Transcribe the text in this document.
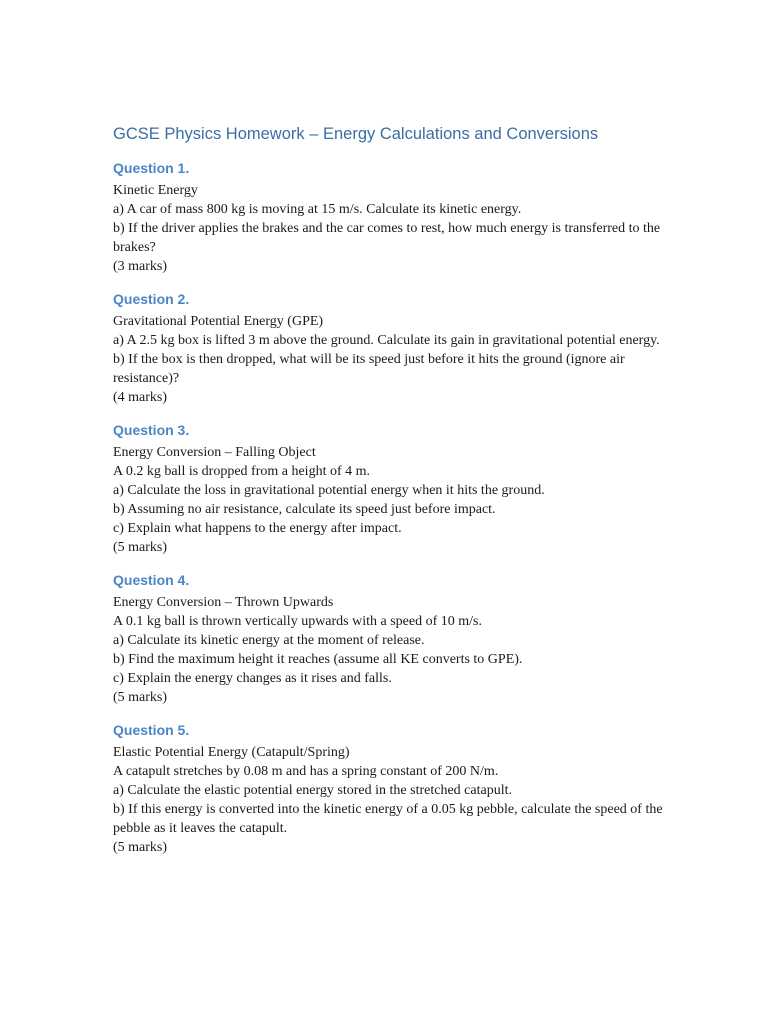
GCSE Physics Homework – Energy Calculations and Conversions
Question 1.

Kinetic Energy

a) A car of mass 800 kg is moving at 15 m/s. Calculate its kinetic energy.

b) If the driver applies the brakes and the car comes to rest, how much energy is transferred to the brakes?

(3 marks)

Question 2.

Gravitational Potential Energy (GPE)

a) A 2.5 kg box is lifted 3 m above the ground. Calculate its gain in gravitational potential energy.

b) If the box is then dropped, what will be its speed just before it hits the ground (ignore air resistance)?

(4 marks)

Question 3.

Energy Conversion – Falling Object

A 0.2 kg ball is dropped from a height of 4 m.

a) Calculate the loss in gravitational potential energy when it hits the ground.

b) Assuming no air resistance, calculate its speed just before impact.

c) Explain what happens to the energy after impact.

(5 marks)

Question 4.

Energy Conversion – Thrown Upwards

A 0.1 kg ball is thrown vertically upwards with a speed of 10 m/s.

a) Calculate its kinetic energy at the moment of release.

b) Find the maximum height it reaches (assume all KE converts to GPE).

c) Explain the energy changes as it rises and falls.

(5 marks)

Question 5.

Elastic Potential Energy (Catapult/Spring)

A catapult stretches by 0.08 m and has a spring constant of 200 N/m.

a) Calculate the elastic potential energy stored in the stretched catapult.

b) If this energy is converted into the kinetic energy of a 0.05 kg pebble, calculate the speed of the pebble as it leaves the catapult.

(5 marks)
